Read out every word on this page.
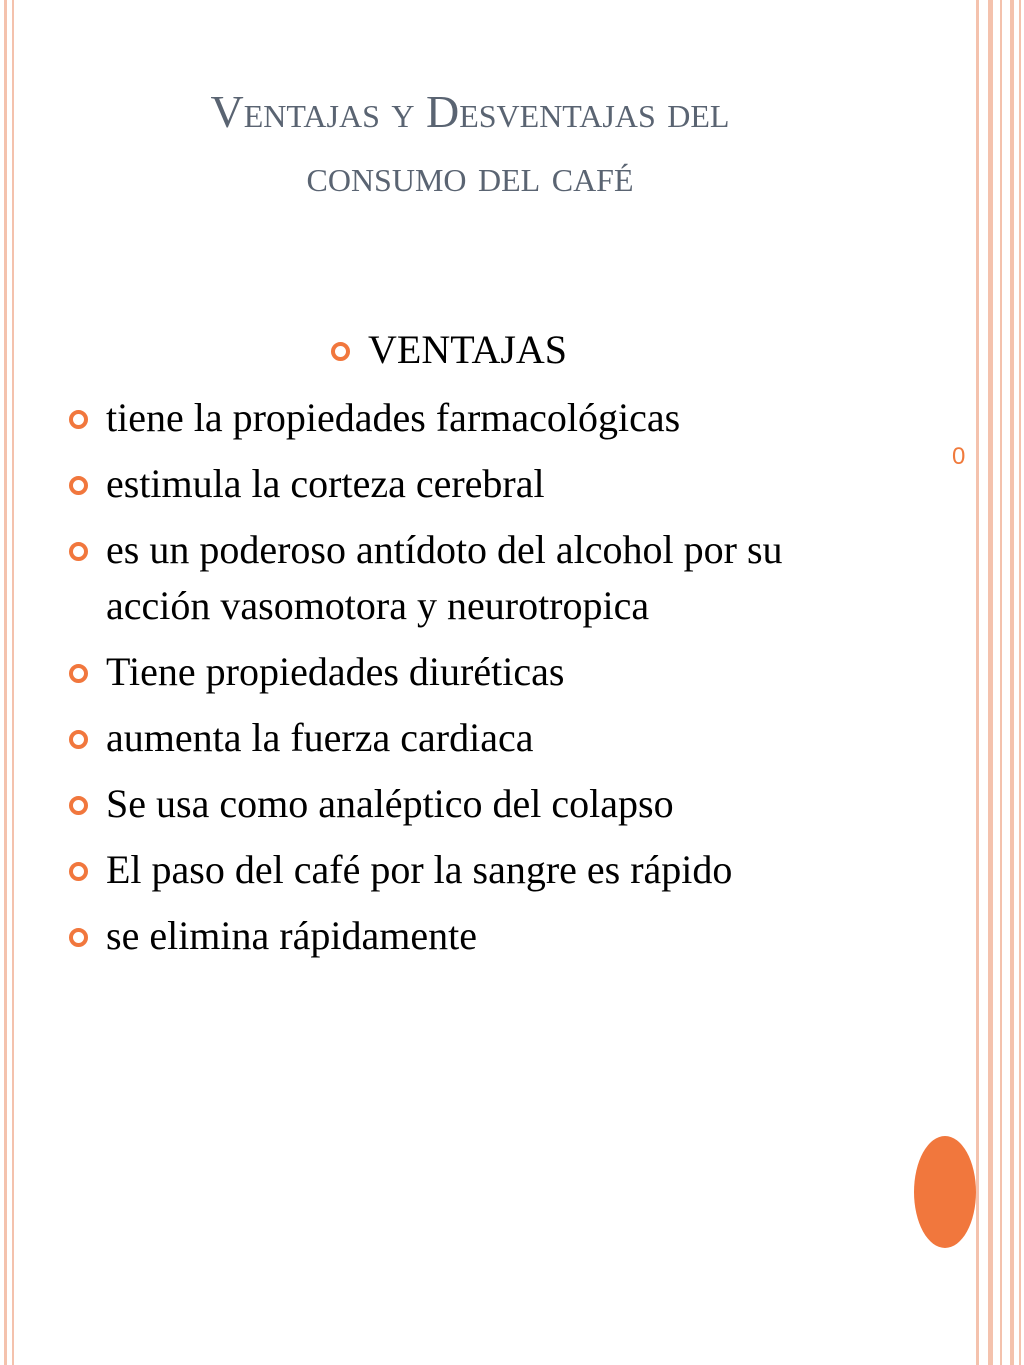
Ventajas y Desventajas del
consumo del café
VENTAJAS
tiene la propiedades farmacológicas
estimula la corteza cerebral
es un poderoso antídoto del alcohol por su acción vasomotora y neurotropica
Tiene propiedades diuréticas
aumenta la fuerza cardiaca
Se usa como analéptico del colapso
El paso del café por la sangre es rápido
se elimina rápidamente
0
